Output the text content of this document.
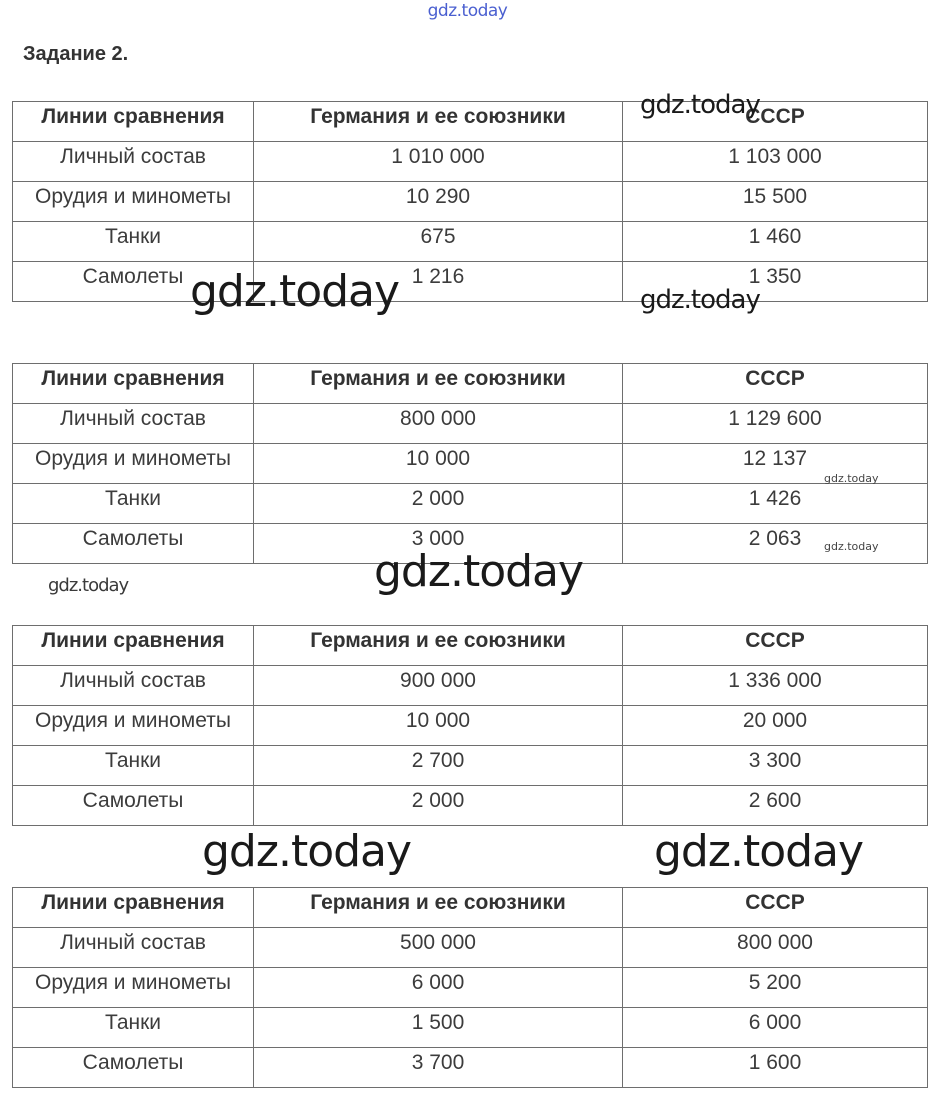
gdz.today
Задание 2.
Линии сравнения	Германия и ее союзники	СССР
Личный состав	1 010 000	1 103 000
Орудия и минометы	10 290	15 500
Танки	675	1 460
Самолеты	1 216	1 350
Линии сравнения	Германия и ее союзники	СССР
Личный состав	800 000	1 129 600
Орудия и минометы	10 000	12 137
Танки	2 000	1 426
Самолеты	3 000	2 063
Линии сравнения	Германия и ее союзники	СССР
Личный состав	900 000	1 336 000
Орудия и минометы	10 000	20 000
Танки	2 700	3 300
Самолеты	2 000	2 600
Линии сравнения	Германия и ее союзники	СССР
Личный состав	500 000	800 000
Орудия и минометы	6 000	5 200
Танки	1 500	6 000
Самолеты	3 700	1 600
gdz.today
gdz.today	gdz.today
gdz.today
gdz.today
gdz.today
gdz.today
gdz.today	gdz.today
